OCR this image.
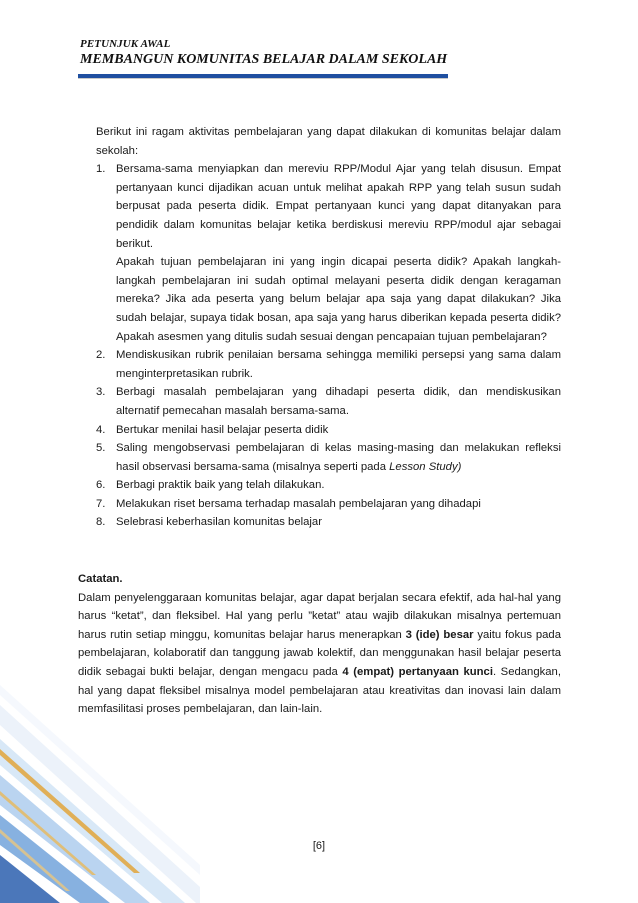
PETUNJUK AWAL
MEMBANGUN KOMUNITAS BELAJAR DALAM SEKOLAH

Berikut ini ragam aktivitas pembelajaran yang dapat dilakukan di komunitas belajar dalam sekolah:

1. Bersama-sama menyiapkan dan mereviu RPP/Modul Ajar yang telah disusun. Empat pertanyaan kunci dijadikan acuan untuk melihat apakah RPP yang telah susun sudah berpusat pada peserta didik. Empat pertanyaan kunci yang dapat ditanyakan para pendidik dalam komunitas belajar ketika berdiskusi mereviu RPP/modul ajar sebagai berikut.

Apakah tujuan pembelajaran ini yang ingin dicapai peserta didik? Apakah langkah-langkah pembelajaran ini sudah optimal melayani peserta didik dengan keragaman mereka? Jika ada peserta yang belum belajar apa saja yang dapat dilakukan? Jika sudah belajar, supaya tidak bosan, apa saja yang harus diberikan kepada peserta didik? Apakah asesmen yang ditulis sudah sesuai dengan pencapaian tujuan pembelajaran?

2. Mendiskusikan rubrik penilaian bersama sehingga memiliki persepsi yang sama dalam menginterpretasikan rubrik.

3. Berbagi masalah pembelajaran yang dihadapi peserta didik, dan mendiskusikan alternatif pemecahan masalah bersama-sama.

4. Bertukar menilai hasil belajar peserta didik

5. Saling mengobservasi pembelajaran di kelas masing-masing dan melakukan refleksi hasil observasi bersama-sama (misalnya seperti pada Lesson Study)

6. Berbagi praktik baik yang telah dilakukan.

7. Melakukan riset bersama terhadap masalah pembelajaran yang dihadapi

8. Selebrasi keberhasilan komunitas belajar

Catatan.

Dalam penyelenggaraan komunitas belajar, agar dapat berjalan secara efektif, ada hal-hal yang harus “ketat”, dan fleksibel. Hal yang perlu ”ketat” atau wajib dilakukan misalnya pertemuan harus rutin setiap minggu, komunitas belajar harus menerapkan 3 (ide) besar yaitu fokus pada pembelajaran, kolaboratif dan tanggung jawab kolektif, dan menggunakan hasil belajar peserta didik sebagai bukti belajar, dengan mengacu pada 4 (empat) pertanyaan kunci. Sedangkan, hal yang dapat fleksibel misalnya model pembelajaran atau kreativitas dan inovasi lain dalam memfasilitasi proses pembelajaran, dan lain-lain.

[6]
